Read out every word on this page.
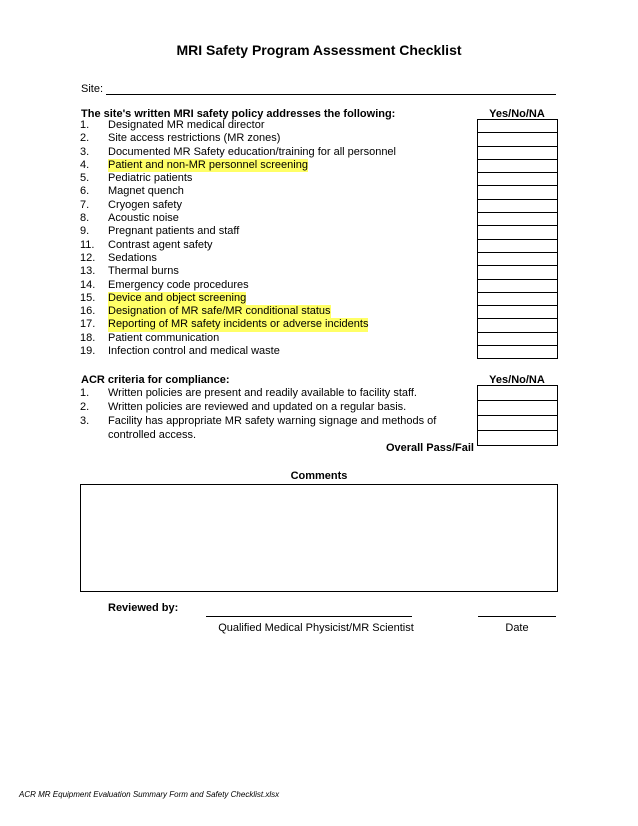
MRI Safety Program Assessment Checklist
Site:
The site's written MRI safety policy addresses the following:	Yes/No/NA
1.	Designated MR medical director
2.	Site access restrictions (MR zones)
3.	Documented MR Safety education/training for all personnel
4.	Patient and non-MR personnel screening
5.	Pediatric patients
6.	Magnet quench
7.	Cryogen safety
8.	Acoustic noise
9.	Pregnant patients and staff
11.	Contrast agent safety
12.	Sedations
13.	Thermal burns
14.	Emergency code procedures
15.	Device and object screening
16.	Designation of MR safe/MR conditional status
17.	Reporting of MR safety incidents or adverse incidents
18.	Patient communication
19.	Infection control and medical waste
ACR criteria for compliance:	Yes/No/NA
1.	Written policies are present and readily available to facility staff.
2.	Written policies are reviewed and updated on a regular basis.
3.	Facility has appropriate MR safety warning signage and methods of controlled access.
Overall Pass/Fail
Comments
Reviewed by:
Qualified Medical Physicist/MR Scientist	Date
ACR MR Equipment Evaluation Summary Form and Safety Checklist.xlsx
